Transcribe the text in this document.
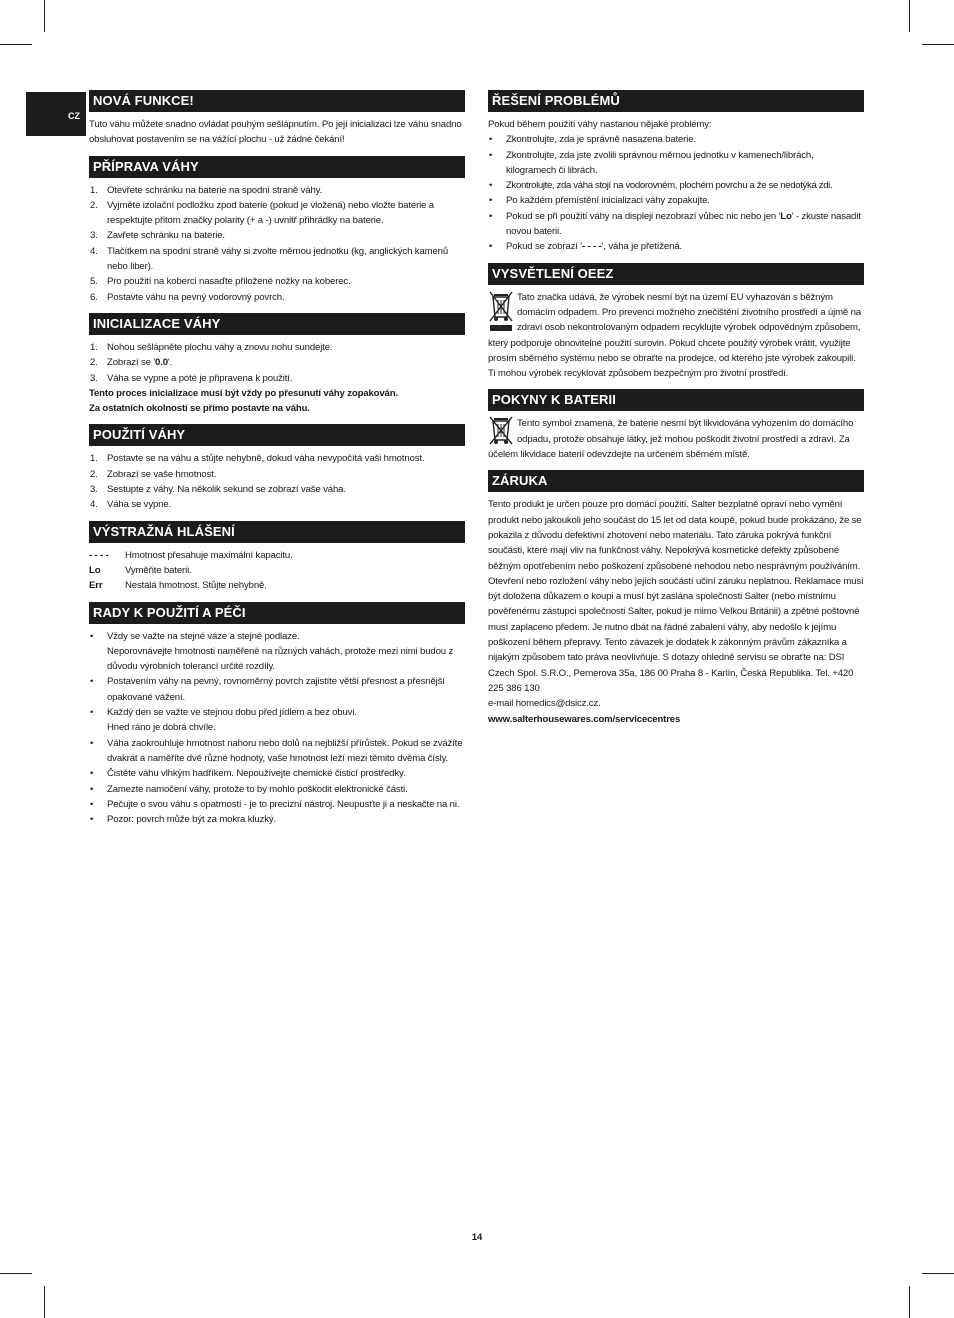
CZ
NOVÁ FUNKCE!
Tuto váhu můžete snadno ovládat pouhým sešlápnutím. Po její inicializaci lze váhu snadno obsluhovat postavením se na vážící plochu - už žádné čekání!
PŘÍPRAVA VÁHY
1. Otevřete schránku na baterie na spodní straně váhy.
2. Vyjměte izolační podložku zpod baterie (pokud je vložená) nebo vložte baterie a respektujte přitom značky polarity (+ a -) uvnitř přihrádky na baterie.
3. Zavřete schránku na baterie.
4. Tlačítkem na spodní straně váhy si zvolte měrnou jednotku (kg, anglických kamenů nebo liber).
5. Pro použití na koberci nasaďte přiložené nožky na koberec.
6. Postavte váhu na pevný vodorovný povrch.
INICIALIZACE VÁHY
1. Nohou sešlápněte plochu váhy a znovu nohu sundejte.
2. Zobrazí se '0.0'.
3. Váha se vypne a poté je připravena k použití.
Tento proces inicializace musí být vždy po přesunutí váhy zopakován.
Za ostatních okolností se přímo postavte na váhu.
POUŽITÍ VÁHY
1. Postavte se na váhu a stůjte nehybně, dokud váha nevypočítá vaši hmotnost.
2. Zobrazí se vaše hmotnost.
3. Sestupte z váhy. Na několik sekund se zobrazí vaše váha.
4. Váha se vypne.
VÝSTRAŽNÁ HLÁŠENÍ
- - - -	Hmotnost přesahuje maximální kapacitu.
Lo	Vyměňte baterii.
Err	Nestálá hmotnost. Stůjte nehybně.
RADY K POUŽITÍ A PÉČI
• Vždy se važte na stejné váze a stejné podlaze.
Neporovnávejte hmotnosti naměřené na různých vahách, protože mezi nimi budou z důvodu výrobních tolerancí určité rozdíly.
• Postavením váhy na pevný, rovnoměrný povrch zajistíte větší přesnost a přesnější opakované vážení.
• Každý den se važte ve stejnou dobu před jídlem a bez obuvi.
Hned ráno je dobrá chvíle.
• Váha zaokrouhluje hmotnost nahoru nebo dolů na nejbližší přírůstek. Pokud se zvážíte dvakrát a naměříte dvě různé hodnoty, vaše hmotnost leží mezi těmito dvěma čísly.
• Čistěte váhu vlhkým hadříkem. Nepoužívejte chemické čisticí prostředky.
• Zamezte namočení váhy, protože to by mohlo poškodit elektronické části.
• Pečujte o svou váhu s opatrností - je to precizní nástroj. Neupusťte ji a neskačte na ni.
• Pozor: povrch může být za mokra kluzký.
ŘEŠENÍ PROBLÉMŮ
Pokud během použití váhy nastanou nějaké problémy:
• Zkontrolujte, zda je správně nasazena baterie.
• Zkontrolujte, zda jste zvolili správnou měrnou jednotku v kamenech/librách, kilogramech či librách.
• Zkontrolujte, zda váha stojí na vodorovném, plochém povrchu a že se nedotýká zdi.
• Po každém přemístění inicializaci váhy zopakujte.
• Pokud se při použití váhy na displeji nezobrazí vůbec nic nebo jen 'Lo' - zkuste nasadit novou baterii.
• Pokud se zobrazí '- - - -', váha je přetížená.
VYSVĚTLENÍ OEEZ
Tato značka udává, že výrobek nesmí být na území EU vyhazován s běžným domácím odpadem. Pro prevenci možného znečištění životního prostředí a újmě na zdraví osob nekontrolovaným odpadem recyklujte výrobek odpovědným způsobem, který podporuje obnovitelné použití surovin. Pokud chcete použitý výrobek vrátit, využijte prosím sběrného systému nebo se obraťte na prodejce, od kterého jste výrobek zakoupili. Ti mohou výrobek recyklovat způsobem bezpečným pro životní prostředí.
POKYNY K BATERII
Tento symbol znamená, že baterie nesmí být likvidována vyhozením do domácího odpadu, protože obsahuje látky, jež mohou poškodit životní prostředí a zdraví. Za účelem likvidace baterií odevzdejte na určeném sběrném místě.
ZÁRUKA
Tento produkt je určen pouze pro domácí použití. Salter bezplatně opraví nebo vymění produkt nebo jakoukoli jeho součást do 15 let od data koupě, pokud bude prokázáno, že se pokazila z důvodu defektivní zhotovení nebo materiálu. Tato záruka pokrývá funkční součásti, které mají vliv na funkčnost váhy. Nepokrývá kosmetické defekty způsobené běžným opotřebením nebo poškození způsobené nehodou nebo nesprávným používáním. Otevření nebo rozložení váhy nebo jejích součástí učiní záruku neplatnou. Reklamace musí být doložena důkazem o koupi a musí být zaslána společnosti Salter (nebo místnímu pověřenému zástupci společnosti Salter, pokud je mimo Velkou Británii) a zpětné poštovné musí zaplaceno předem. Je nutno dbát na řádné zabalení váhy, aby nedošlo k jejímu poškození během přepravy. Tento závazek je dodatek k zákonným právům zákazníka a nijakým způsobem tato práva neovlivňuje. S dotazy ohledně servisu se obraťte na: DSI Czech Spol. S.R.O., Pernerova 35a, 186 00 Praha 8 - Karlín, Česká Republika. Tel. +420 225 386 130
e-mail homedics@dsicz.cz.
www.salterhousewares.com/servicecentres
14
